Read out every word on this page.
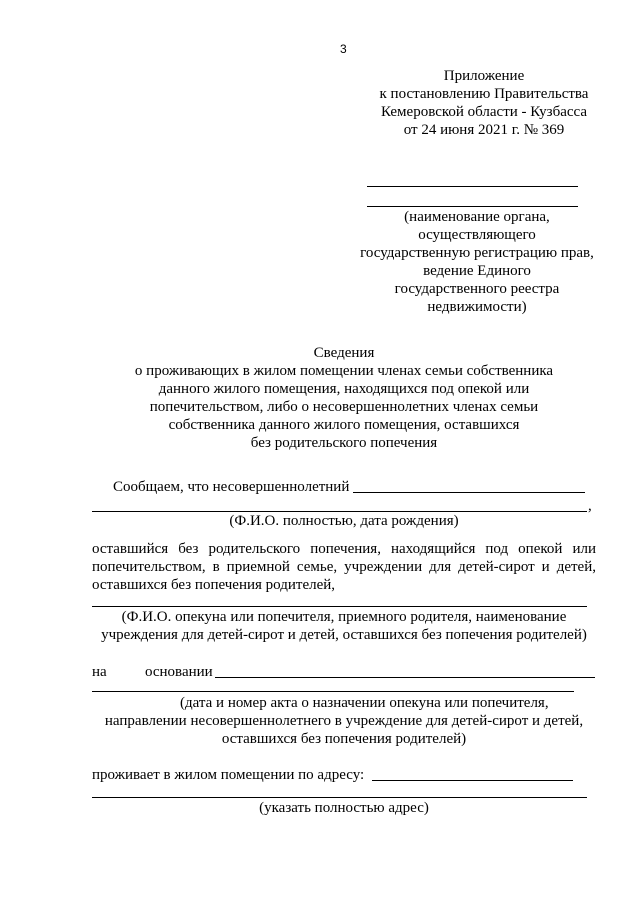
3
Приложение
к постановлению Правительства
Кемеровской области - Кузбасса
от 24 июня 2021 г. № 369
(наименование органа,
осуществляющего
государственную регистрацию прав,
ведение Единого
государственного реестра
недвижимости)
Сведения
о проживающих в жилом помещении членах семьи собственника
данного жилого помещения, находящихся под опекой или
попечительством, либо о несовершеннолетних членах семьи
собственника данного жилого помещения, оставшихся
без родительского попечения
Сообщаем, что несовершеннолетний
,
(Ф.И.О. полностью, дата рождения)
оставшийся без родительского попечения, находящийся под опекой или
попечительством, в приемной семье, учреждении для детей-сирот и детей,
оставшихся без попечения родителей,
(Ф.И.О. опекуна или попечителя, приемного родителя, наименование
учреждения для детей-сирот и детей, оставшихся без попечения родителей)
на	основании
(дата и номер акта о назначении опекуна или попечителя,
направлении несовершеннолетнего в учреждение для детей-сирот и детей,
оставшихся без попечения родителей)
проживает в жилом помещении по адресу:
(указать полностью адрес)
